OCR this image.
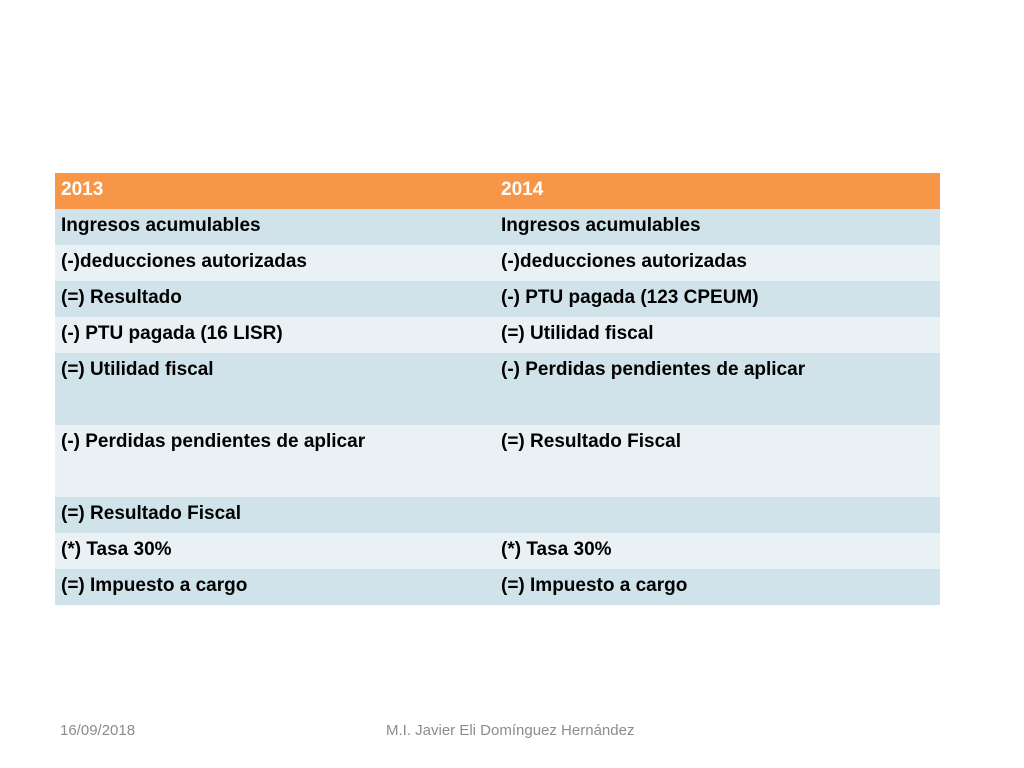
2013	2014
Ingresos acumulables	Ingresos acumulables
(-)deducciones autorizadas	(-)deducciones autorizadas
(=) Resultado	(-) PTU pagada (123 CPEUM)
(-) PTU pagada (16 LISR)	(=) Utilidad fiscal
(=) Utilidad fiscal	(-) Perdidas pendientes de aplicar
(-) Perdidas pendientes de aplicar	(=) Resultado Fiscal
(=) Resultado Fiscal	
(*) Tasa 30%	(*) Tasa 30%
(=) Impuesto a cargo	(=) Impuesto a cargo
16/09/2018	M.I. Javier Eli Domínguez Hernández
